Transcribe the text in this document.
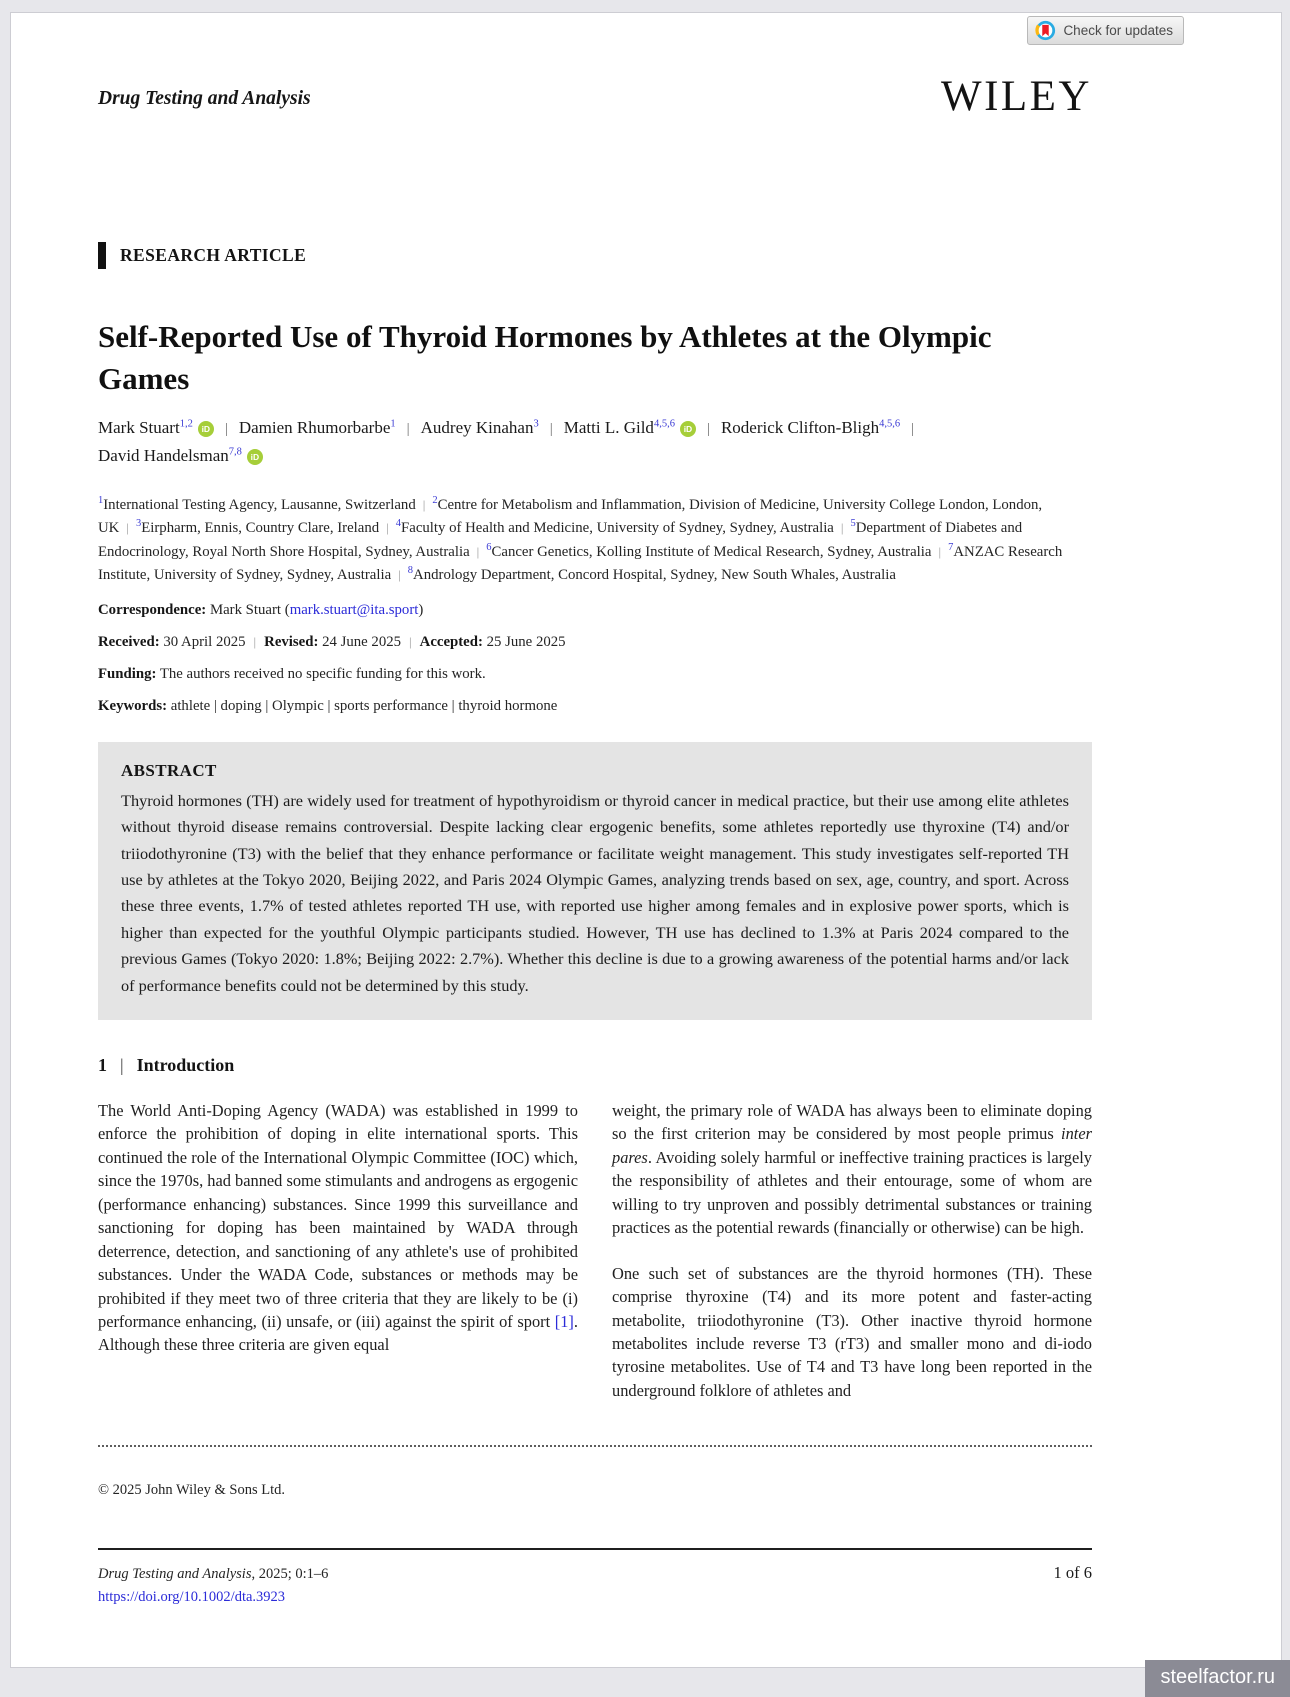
Check for updates
Drug Testing and Analysis	WILEY
RESEARCH ARTICLE
Self-Reported Use of Thyroid Hormones by Athletes at the Olympic Games
Mark Stuart$^{1,2}$ iD | Damien Rhumorbarbe$^1$ | Audrey Kinahan$^3$ | Matti L. Gild$^{4,5,6}$ iD | Roderick Clifton-Bligh$^{4,5,6}$ |
David Handelsman$^{7,8}$ iD

$^1$International Testing Agency, Lausanne, Switzerland | $^2$Centre for Metabolism and Inflammation, Division of Medicine, University College London, London, UK | $^3$Eirpharm, Ennis, Country Clare, Ireland | $^4$Faculty of Health and Medicine, University of Sydney, Sydney, Australia | $^5$Department of Diabetes and Endocrinology, Royal North Shore Hospital, Sydney, Australia | $^6$Cancer Genetics, Kolling Institute of Medical Research, Sydney, Australia | $^7$ANZAC Research Institute, University of Sydney, Sydney, Australia | $^8$Andrology Department, Concord Hospital, Sydney, New South Whales, Australia

Correspondence: Mark Stuart (mark.stuart@ita.sport)

Received: 30 April 2025 | Revised: 24 June 2025 | Accepted: 25 June 2025

Funding: The authors received no specific funding for this work.

Keywords: athlete | doping | Olympic | sports performance | thyroid hormone

ABSTRACT

Thyroid hormones (TH) are widely used for treatment of hypothyroidism or thyroid cancer in medical practice, but their use among elite athletes without thyroid disease remains controversial. Despite lacking clear ergogenic benefits, some athletes reportedly use thyroxine (T4) and/or triiodothyronine (T3) with the belief that they enhance performance or facilitate weight management. This study investigates self-reported TH use by athletes at the Tokyo 2020, Beijing 2022, and Paris 2024 Olympic Games, analyzing trends based on sex, age, country, and sport. Across these three events, 1.7% of tested athletes reported TH use, with reported use higher among females and in explosive power sports, which is higher than expected for the youthful Olympic participants studied. However, TH use has declined to 1.3% at Paris 2024 compared to the previous Games (Tokyo 2020: 1.8%; Beijing 2022: 2.7%). Whether this decline is due to a growing awareness of the potential harms and/or lack of performance benefits could not be determined by this study.

1 | Introduction

The World Anti-Doping Agency (WADA) was established in 1999 to enforce the prohibition of doping in elite international sports. This continued the role of the International Olympic Committee (IOC) which, since the 1970s, had banned some stimulants and androgens as ergogenic (performance enhancing) substances. Since 1999 this surveillance and sanctioning for doping has been maintained by WADA through deterrence, detection, and sanctioning of any athlete's use of prohibited substances. Under the WADA Code, substances or methods may be prohibited if they meet two of three criteria that they are likely to be (i) performance enhancing, (ii) unsafe, or (iii) against the spirit of sport [1]. Although these three criteria are given equal

weight, the primary role of WADA has always been to eliminate doping so the first criterion may be considered by most people primus inter pares. Avoiding solely harmful or ineffective training practices is largely the responsibility of athletes and their entourage, some of whom are willing to try unproven and possibly detrimental substances or training practices as the potential rewards (financially or otherwise) can be high.

One such set of substances are the thyroid hormones (TH). These comprise thyroxine (T4) and its more potent and faster-acting metabolite, triiodothyronine (T3). Other inactive thyroid hormone metabolites include reverse T3 (rT3) and smaller mono and di-iodo tyrosine metabolites. Use of T4 and T3 have long been reported in the underground folklore of athletes and

© 2025 John Wiley & Sons Ltd.

Drug Testing and Analysis, 2025; 0:1–6
https://doi.org/10.1002/dta.3923
1 of 6
steelfactor.ru
